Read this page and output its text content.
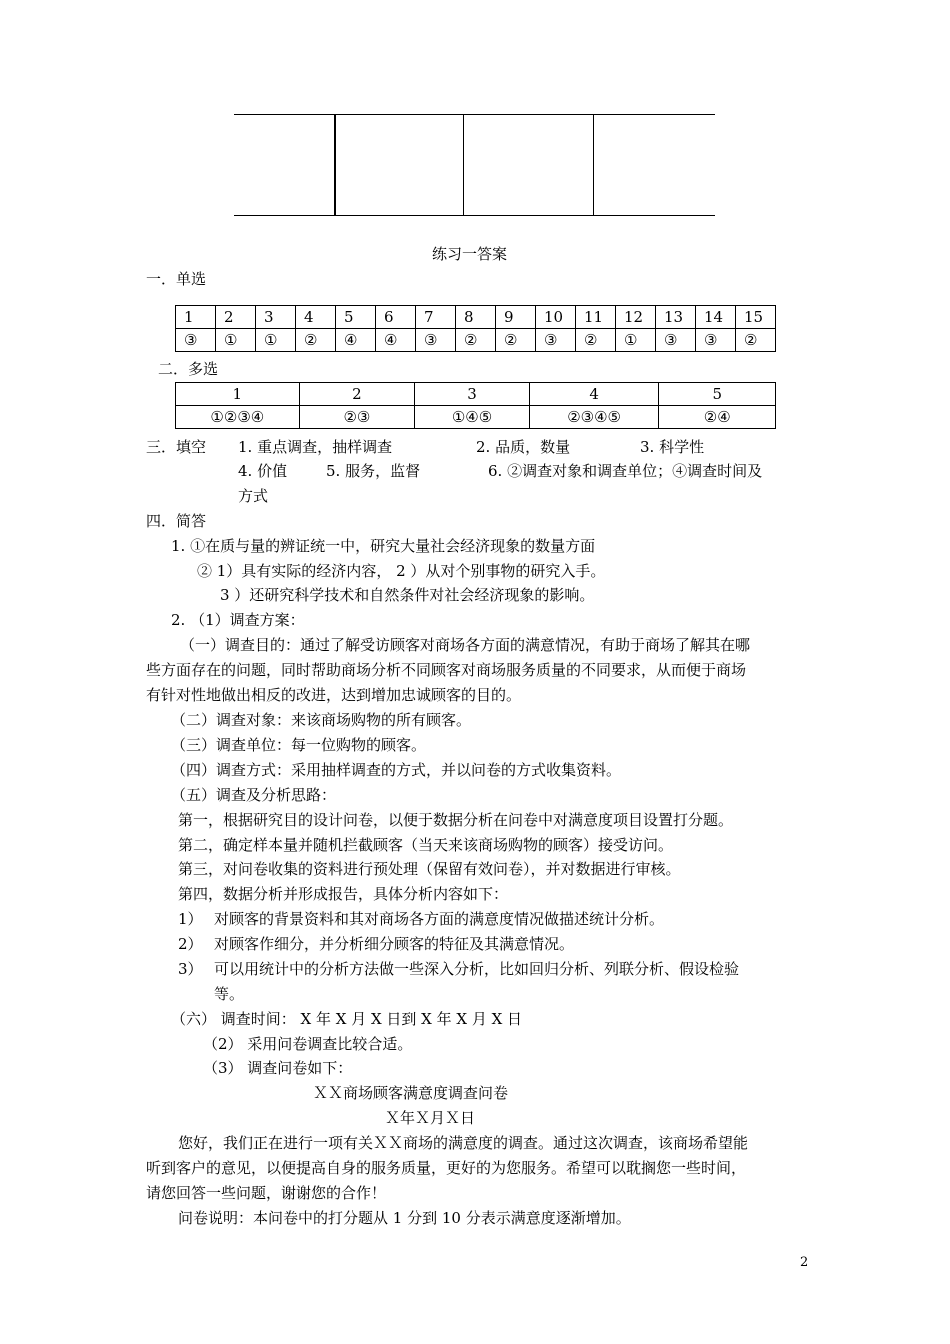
练习一答案
一．单选
1	2	3	4	5	6	7	8	9	10	11	12	13	14	15

③	①	①	②	④	④	③	②	②	③	②	①	③	③	②
二．多选
1	2	3	4	5

①②③④	②③	①④⑤	②③④⑤	②④
三．填空 1. 重点调查，抽样调查	2. 品质，数量	3. 科学性
4. 价值	5. 服务，监督	6. ②调查对象和调查单位；④调查时间及
方式
四．简答
1. ①在质与量的辨证统一中，研究大量社会经济现象的数量方面
② 1）具有实际的经济内容， 2 ）从对个别事物的研究入手。
3 ）还研究科学技术和自然条件对社会经济现象的影响。
2. （1）调查方案：
（一）调查目的：通过了解受访顾客对商场各方面的满意情况，有助于商场了解其在哪
些方面存在的问题，同时帮助商场分析不同顾客对商场服务质量的不同要求，从而便于商场
有针对性地做出相反的改进，达到增加忠诚顾客的目的。
（二）调查对象：来该商场购物的所有顾客。
（三）调查单位：每一位购物的顾客。
（四）调查方式：采用抽样调查的方式，并以问卷的方式收集资料。
（五）调查及分析思路：
第一，根据研究目的设计问卷，以便于数据分析在问卷中对满意度项目设置打分题。
第二，确定样本量并随机拦截顾客（当天来该商场购物的顾客）接受访问。
第三，对问卷收集的资料进行预处理（保留有效问卷），并对数据进行审核。
第四，数据分析并形成报告，具体分析内容如下：
1） 对顾客的背景资料和其对商场各方面的满意度情况做描述统计分析。
2） 对顾客作细分，并分析细分顾客的特征及其满意情况。
3） 可以用统计中的分析方法做一些深入分析，比如回归分析、列联分析、假设检验
等。
（六） 调查时间： X 年 X 月 X 日到 X 年 X 月 X 日
（2） 采用问卷调查比较合适。
（3） 调查问卷如下：
ＸＸ商场顾客满意度调查问卷
Ｘ年Ｘ月Ｘ日
您好，我们正在进行一项有关ＸＸ商场的满意度的调查。通过这次调查，该商场希望能
听到客户的意见，以便提高自身的服务质量，更好的为您服务。希望可以耽搁您一些时间，
请您回答一些问题，谢谢您的合作！
问卷说明：本问卷中的打分题从 1 分到 10 分表示满意度逐渐增加。
2
